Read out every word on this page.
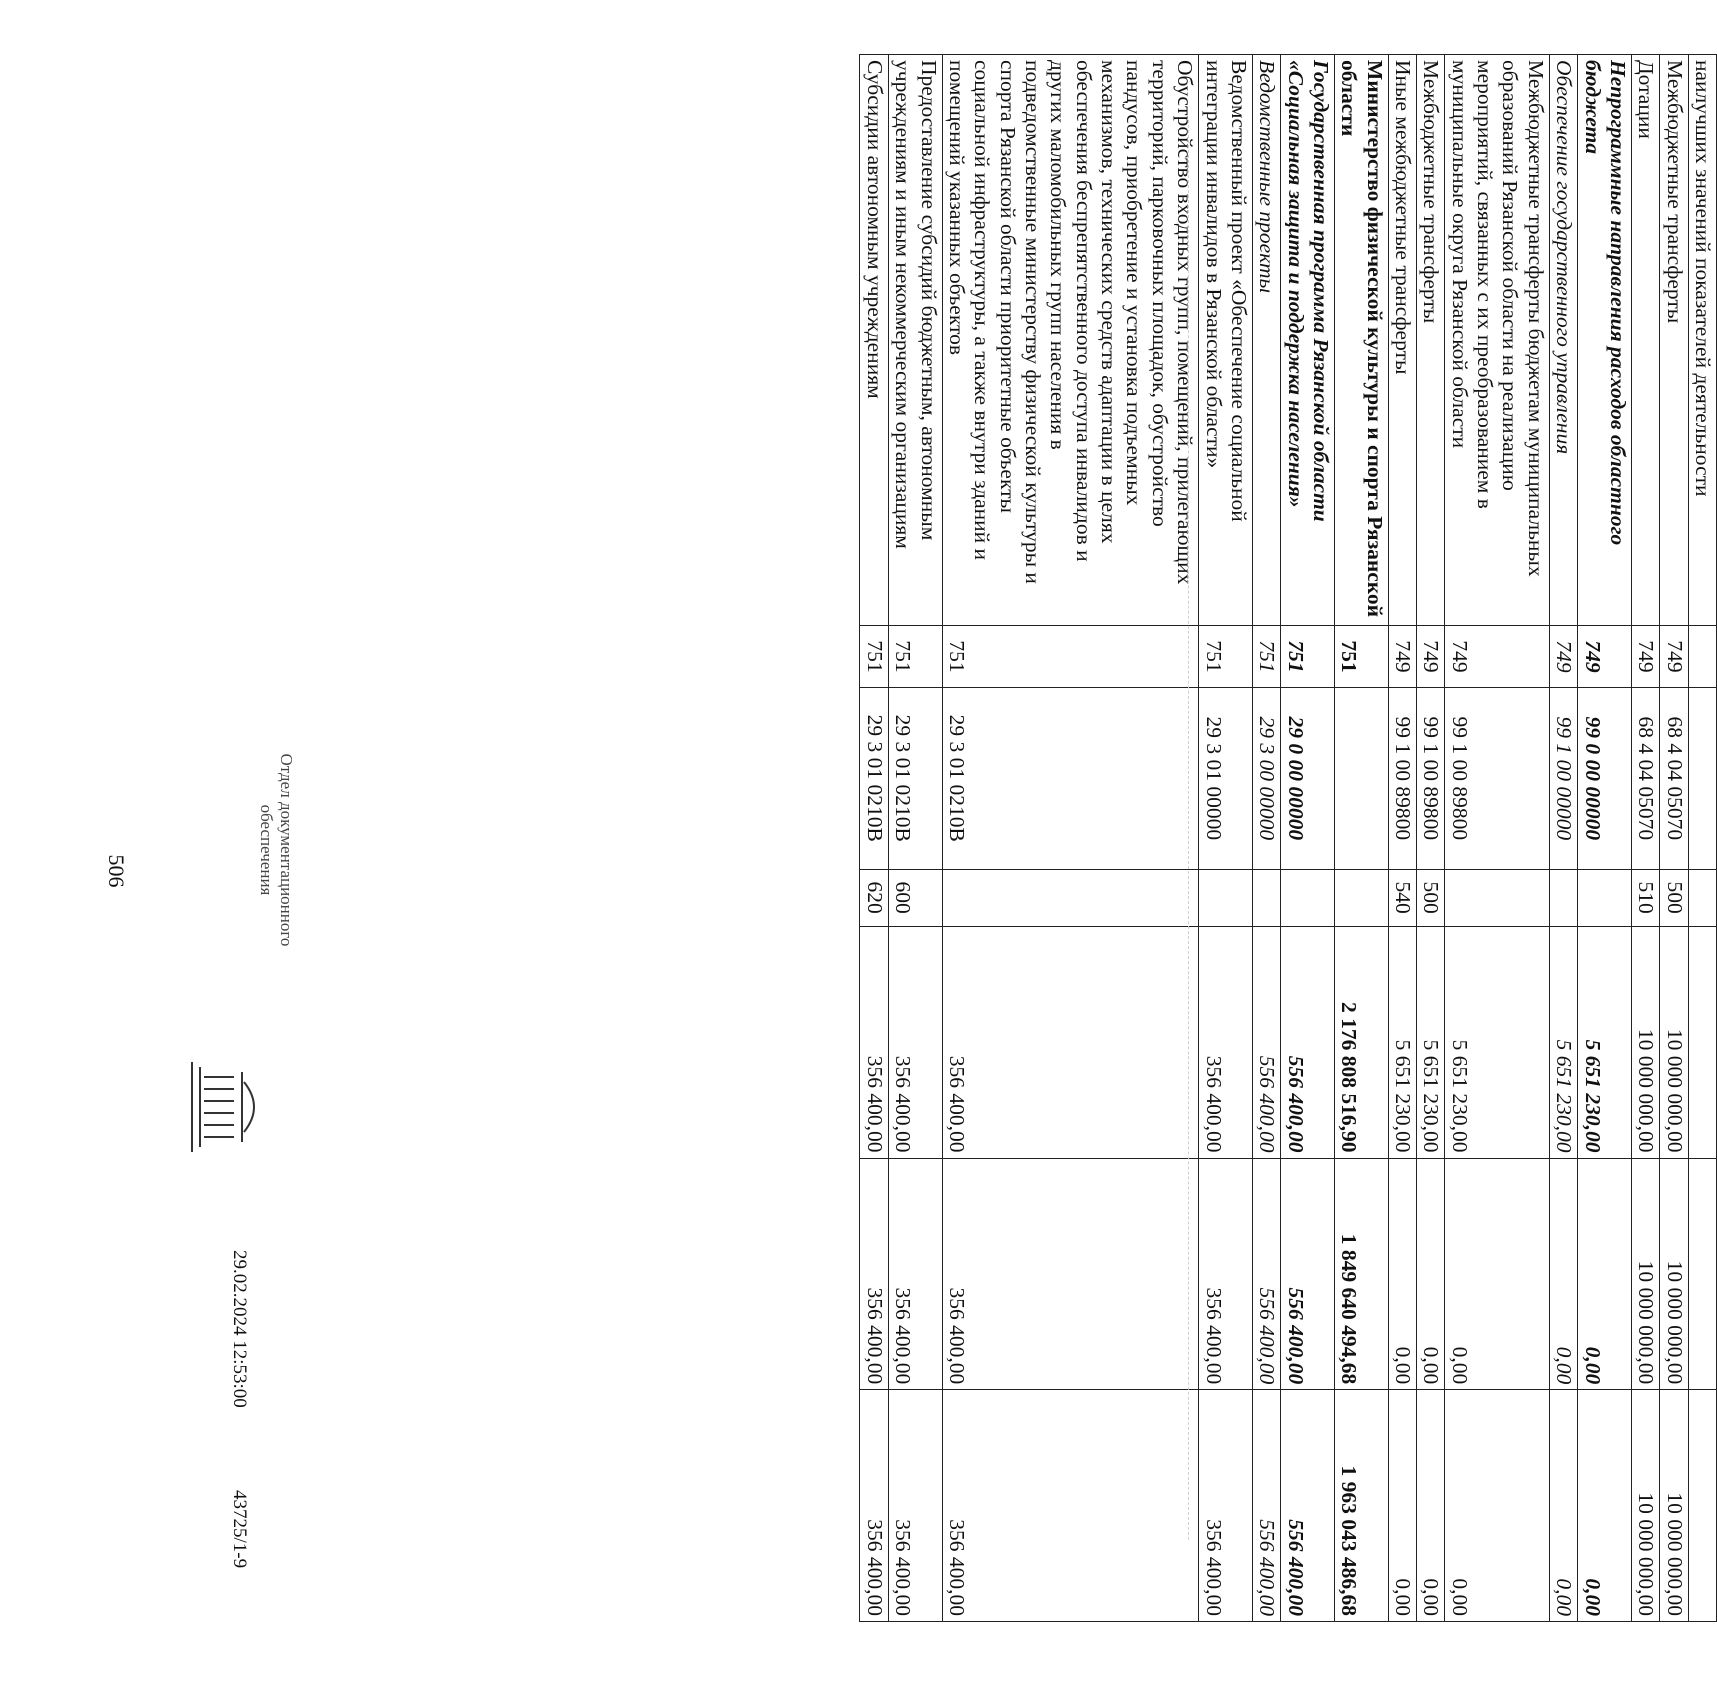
506
наилучших значений показателей деятельности						
Межбюджетные трансферты	749	68 4 04 05070	500	10 000 000,00	10 000 000,00	10 000 000,00
Дотации	749	68 4 04 05070	510	10 000 000,00	10 000 000,00	10 000 000,00
Непрограммные направления расходов областного бюджета	749	99 0 00 00000		5 651 230,00	0,00	0,00
Обеспечение государственного управления	749	99 1 00 00000		5 651 230,00	0,00	0,00
Межбюджетные трансферты бюджетам муниципальных образований Рязанской области на реализацию мероприятий, связанных с их преобразованием в муниципальные округа Рязанской области	749	99 1 00 89800		5 651 230,00	0,00	0,00
Межбюджетные трансферты	749	99 1 00 89800	500	5 651 230,00	0,00	0,00
Иные межбюджетные трансферты	749	99 1 00 89800	540	5 651 230,00	0,00	0,00
Министерство физической культуры и спорта Рязанской области	751			2 176 808 516,90	1 849 640 494,68	1 963 043 486,68
Государственная программа Рязанской области «Социальная защита и поддержка населения»	751	29 0 00 00000		556 400,00	556 400,00	556 400,00
Ведомственные проекты	751	29 3 00 00000		556 400,00	556 400,00	556 400,00
Ведомственный проект «Обеспечение социальной интеграции инвалидов в Рязанской области»	751	29 3 01 00000		356 400,00	356 400,00	356 400,00
Обустройство входных групп, помещений, прилегающих территорий, парковочных площадок, обустройство пандусов, приобретение и установка подъемных механизмов, технических средств адаптации в целях обеспечения беспрепятственного доступа инвалидов и других маломобильных групп населения в подведомственные министерству физической культуры и спорта Рязанской области приоритетные объекты социальной инфраструктуры, а также внутри зданий и помещений указанных объектов	751	29 3 01 0210В		356 400,00	356 400,00	356 400,00
Предоставление субсидий бюджетным, автономным учреждениям и иным некоммерческим организациям	751	29 3 01 0210В	600	356 400,00	356 400,00	356 400,00
Субсидии автономным учреждениям	751	29 3 01 0210В	620	356 400,00	356 400,00	356 400,00
Отдел документационного обеспечения
29.02.2024 12:53:00
43725/1-9
